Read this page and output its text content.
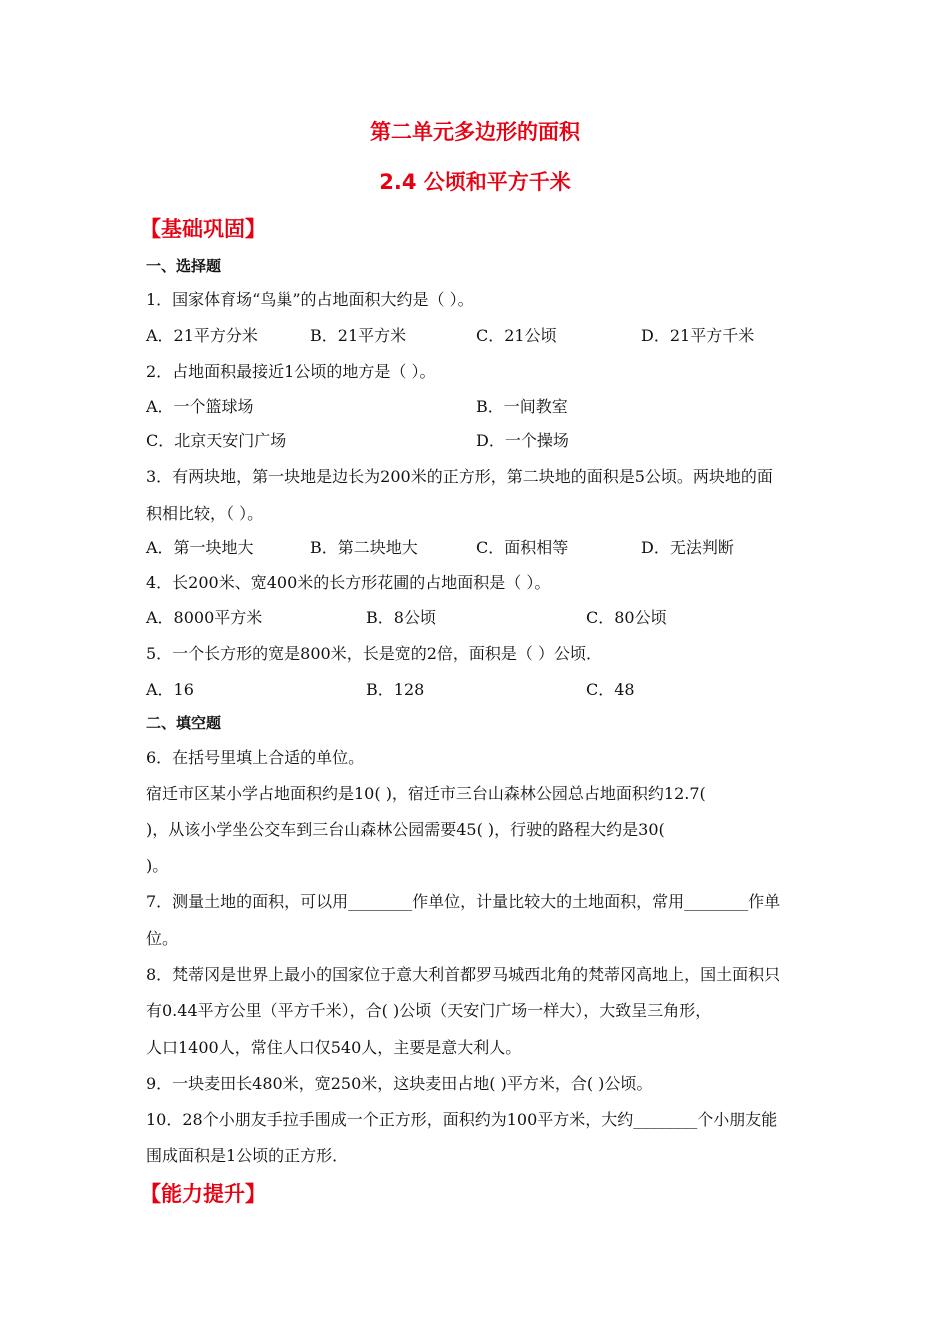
第二单元多边形的面积
2.4 公顷和平方千米
【基础巩固】
一、选择题
1．国家体育场“鸟巢”的占地面积大约是（ ）。
A．21平方分米	B．21平方米	C．21公顷	D．21平方千米
2．占地面积最接近1公顷的地方是（ ）。
A．一个篮球场	B．一间教室
C．北京天安门广场	D．一个操场
3．有两块地，第一块地是边长为200米的正方形，第二块地的面积是5公顷。两块地的面
积相比较，（ ）。
A．第一块地大	B．第二块地大	C．面积相等	D．无法判断
4．长200米、宽400米的长方形花圃的占地面积是（ ）。
A．8000平方米	B．8公顷	C．80公顷
5．一个长方形的宽是800米，长是宽的2倍，面积是（ ）公顷．
A．16	B．128	C．48
二、填空题
6．在括号里填上合适的单位。
宿迁市区某小学占地面积约是10( )，宿迁市三台山森林公园总占地面积约12.7(
)，从该小学坐公交车到三台山森林公园需要45( )，行驶的路程大约是30(
)。
7．测量土地的面积，可以用________作单位，计量比较大的土地面积，常用________作单
位。
8．梵蒂冈是世界上最小的国家位于意大利首都罗马城西北角的梵蒂冈高地上，国土面积只
有0.44平方公里（平方千米），合( )公顷（天安门广场一样大），大致呈三角形，
人口1400人，常住人口仅540人，主要是意大利人。
9．一块麦田长480米，宽250米，这块麦田占地( )平方米，合( )公顷。
10．28个小朋友手拉手围成一个正方形，面积约为100平方米，大约________个小朋友能
围成面积是1公顷的正方形．
【能力提升】
